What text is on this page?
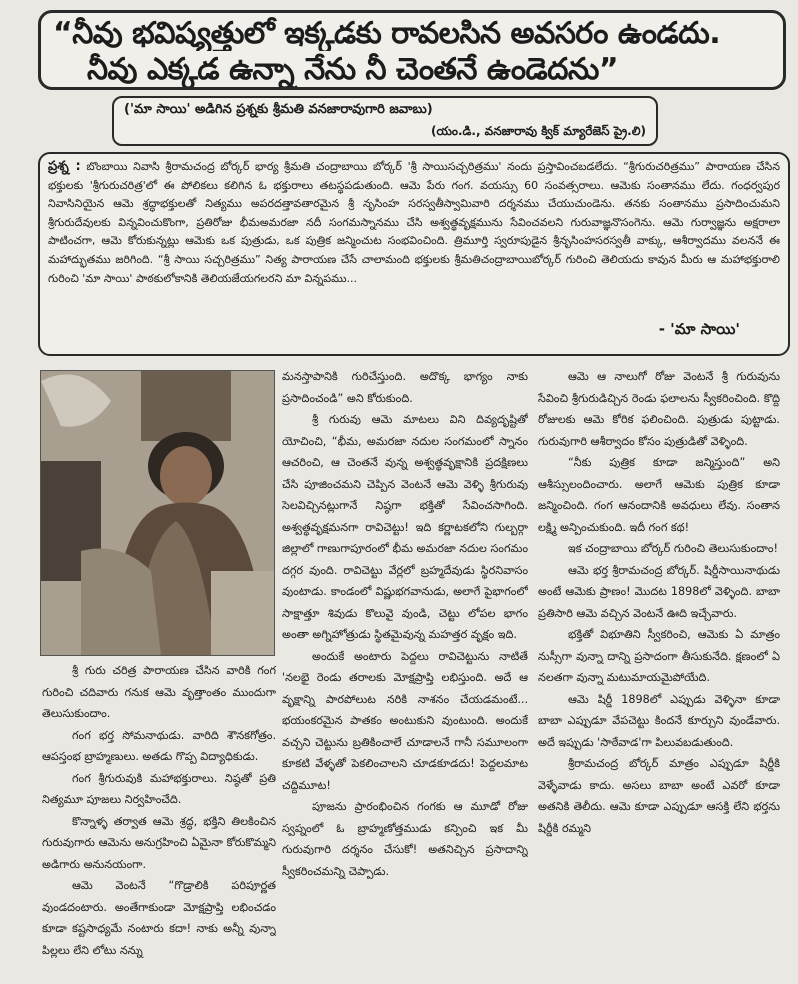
“నీవు భవిష్యత్తులో ఇక్కడకు రావలసిన అవసరం ఉండదు.
నీవు ఎక్కడ ఉన్నా నేను నీ చెంతనే ఉండెదను”
('మా సాయి' అడిగిన ప్రశ్నకు శ్రీమతి వనజారావుగారి జవాబు)
(యం.డి., వనజారావు క్విక్ మ్యారేజెస్ ప్రై.లి)

ప్రశ్న : బొంబాయి నివాసి శ్రీరామచంద్ర బోర్కర్ భార్య శ్రీమతి చంద్రాబాయి బోర్కర్ 'శ్రీ సాయిసచ్చరిత్రము' నందు ప్రస్తావించబడలేదు. “శ్రీగురుచరిత్రము” పారాయణ చేసిన భక్తులకు 'శ్రీగురుచరిత్ర'లో ఈ పోలికలు కలిగిన ఓ భక్తురాలు తటస్థపడుతుంది. ఆమె పేరు గంగ. వయస్సు 60 సంవత్సరాలు. ఆమెకు సంతానము లేదు. గంధర్వపుర నివాసినియైన ఆమె శ్రద్ధాభక్తులతో నిత్యము అపరదత్తావతారమైన శ్రీ నృసింహ సరస్వతీస్వామివారి దర్శనము చేయుచుండెను. తనకు సంతానము ప్రసాదించుమని శ్రీగురుదేవులకు విన్నవించుకొంగా, ప్రతిరోజు భీమఅమరజా నదీ సంగమస్నానము చేసి అశ్వత్థవృక్షమును సేవించవలని గురువాజ్ఞనొసంగెను. ఆమె గుర్వాజ్ఞను అక్షరాలా పాటించగా, ఆమె కోరుకున్నట్లు ఆమెకు ఒక పుత్రుడు, ఒక పుత్రిక జన్మించుట సంభవించింది. త్రిమూర్తి స్వరూపుడైన శ్రీనృసింహసరస్వతీ వాక్కు, ఆశీర్వాదము వలననే ఈ మహాద్భుతము జరిగింది. “శ్రీ సాయి సచ్చరిత్రము” నిత్య పారాయణ చేసే చాలామంది భక్తులకు శ్రీమతిచంద్రాబాయిబోర్కర్ గురించి తెలియదు కావున మీరు ఆ మహాభక్తురాలి గురించి 'మా సాయి' పాఠకులోకానికి తెలియజేయగలరని మా విన్నపము...

- 'మా సాయి'

శ్రీ గురు చరిత్ర పారాయణ చేసిన వారికి గంగ గురించి చదివారు గనుక ఆమె వృత్తాంతం ముందుగా తెలుసుకుందాం.

గంగ భర్త సోమనాథుడు. వారిది శౌనకగోత్రం. ఆపస్తంభ బ్రాహ్మణులు. అతడు గొప్ప విద్యాధికుడు.

గంగ శ్రీగురువుకి మహాభక్తురాలు. నిష్ఠతో ప్రతి నిత్యమూ పూజలు నిర్వహించేది.

కొన్నాళ్ళ తర్వాత ఆమె శ్రద్ధ, భక్తిని తిలకించిన గురువుగారు ఆమెను అనుగ్రహించి ఏమైనా కోరుకొమ్మని అడిగారు అనునయంగా.

ఆమె వెంటనే “గొడ్రాలికి పరిపూర్ణత వుండదంటారు. అంతేగాకుండా మోక్షప్రాప్తి లభించడం కూడా కష్టసాధ్యమే నంటారు కదా! నాకు అన్నీ వున్నా పిల్లలు లేని లోటు నన్ను

మనస్తాపానికి గురిచేస్తుంది. అదొక్క భాగ్యం నాకు ప్రసాదించండి” అని కోరుకుంది.

శ్రీ గురువు ఆమె మాటలు విని దివ్యదృష్టితో యోచించి, “భీమ, అమరజా నదుల సంగమంలో స్నానం ఆచరించి, ఆ చెంతనే వున్న అశ్వత్థవృక్షానికి ప్రదక్షిణలు చేసి పూజించమని చెప్పిన వెంటనే ఆమె వెళ్ళి శ్రీగురువు సెలవిచ్చినట్లుగానే నిష్ఠగా భక్తితో సేవించసాగింది. అశ్వత్థవృక్షమనగా రావిచెట్టు! ఇది కర్ణాటకలోని గుల్బర్గా జిల్లాలో గాణుగాపూరంలో భీమ అమరజా నదుల సంగమం దగ్గర వుంది. రావిచెట్టు వేర్లలో బ్రహ్మదేవుడు స్థిరనివాసం వుంటాడు. కాండంలో విష్ణుభగవానుడు, అలాగే పైభాగంలో సాక్షాత్తూ శివుడు కొలువై వుండి, చెట్టు లోపల భాగం అంతా అగ్నిహోత్రుడు స్థితమైవున్న మహత్తర వృక్షం ఇది.

అందుకే అంటారు పెద్దలు రావిచెట్టును నాటితే 'నలభై రెండు తరాలకు మోక్షప్రాప్తి లభిస్తుంది. అదే ఆ వృక్షాన్ని పారపోలుట నరికి నాశనం చేయడమంటే... భయంకరమైన పాతకం అంటుకుని వుంటుంది. అందుకే వచ్చని చెట్టును బ్రతికించాలే చూడాలనే గానీ సమూలంగా కూకటి వేళ్ళతో పెకలించాలని చూడకూడదు! పెద్దలమాట చద్దిమూట!

పూజను ప్రారంభించిన గంగకు ఆ మూడో రోజు స్వప్నంలో ఓ బ్రాహ్మణోత్తముడు కన్పించి ఇక మీ గురువుగారి దర్శనం చేసుకో! అతనిచ్చిన ప్రసాదాన్ని స్వీకరించమన్ని చెప్పాడు.

ఆమె ఆ నాలుగో రోజు వెంటనే శ్రీ గురువును సేవించి శ్రీగురుడిచ్చిన రెండు ఫలాలను స్వీకరించింది. కొద్ది రోజులకు ఆమె కోరిక ఫలించింది. పుత్రుడు పుట్టాడు. గురువుగారి ఆశీర్వాదం కోసం పుత్రుడితో వెళ్ళింది.

“నీకు పుత్రిక కూడా జన్మిస్తుంది” అని ఆశీస్సులందించారు. అలాగే ఆమెకు పుత్రిక కూడా జన్మించింది. గంగ ఆనందానికి అవధులు లేవు. సంతాన లక్ష్మి అన్పించుకుంది. ఇదీ గంగ కథ!

ఇక చంద్రాబాయి బోర్కర్ గురించి తెలుసుకుందాం!

ఆమె భర్త శ్రీరామచంద్ర బోర్కర్. షిర్డీసాయినాథుడు అంటే ఆమెకు ప్రాణం! మొదట 1898లో వెళ్ళింది. బాబా ప్రతిసారి ఆమె వచ్చిన వెంటనే ఊది ఇచ్చేవారు.

భక్తితో విభూతిని స్వీకరించి, ఆమెకు ఏ మాత్రం నుస్సీగా వున్నా దాన్ని ప్రసాదంగా తీసుకునేది. క్షణంలో ఏ నలతగా వున్నా మటుమాయమైపోయేది.

ఆమె షిర్డీ 1898లో ఎప్పుడు వెళ్ళినా కూడా బాబా ఎప్పుడూ వేపచెట్టు కిందనే కూర్చుని వుండేవారు. అదే ఇప్పుడు 'సాఠేవాడ'గా పిలువబడుతుంది.

శ్రీరామచంద్ర బోర్కర్ మాత్రం ఎప్పుడూ షిర్డీకి వెళ్ళేవాడు కాదు. అసలు బాబా అంటే ఎవరో కూడా అతనికి తెలీదు. ఆమె కూడా ఎప్పుడూ ఆసక్తి లేని భర్తను షిర్డీకి రమ్మని
